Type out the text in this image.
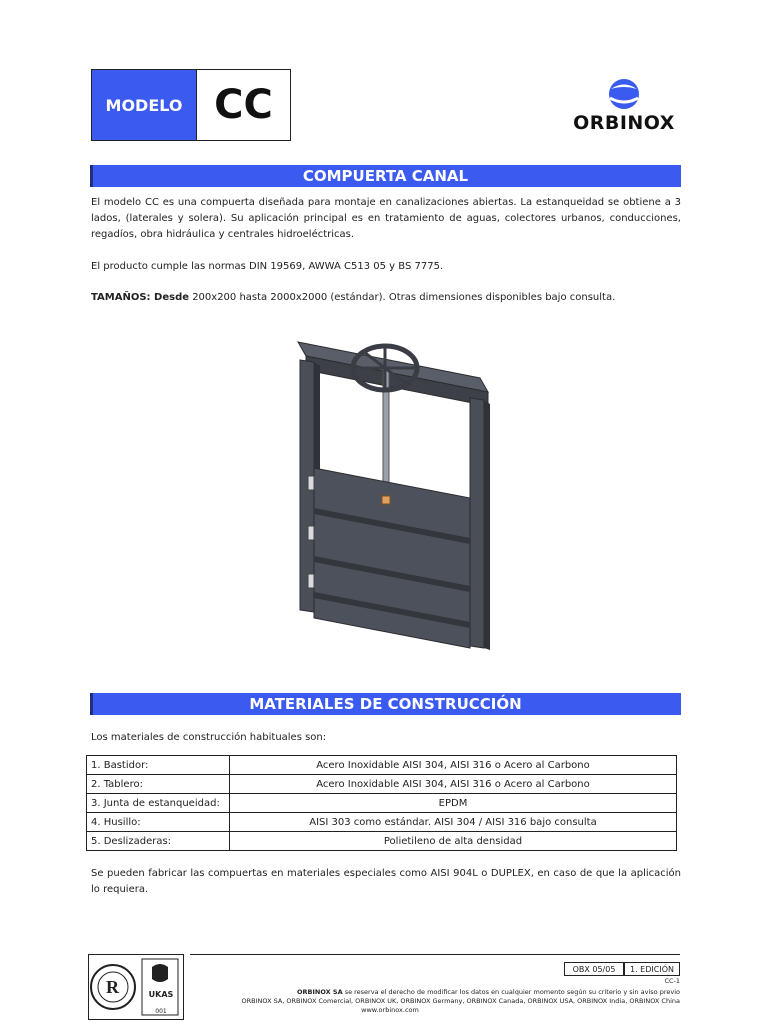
MODELO CC	ORBINOX
COMPUERTA CANAL
El modelo CC es una compuerta diseñada para montaje en canalizaciones abiertas. La estanqueidad se obtiene a 3 lados, (laterales y solera). Su aplicación principal es en tratamiento de aguas, colectores urbanos, conducciones, regadíos, obra hidráulica y centrales hidroeléctricas.
El producto cumple las normas DIN 19569, AWWA C513 05 y BS 7775.
TAMAÑOS: Desde 200x200 hasta 2000x2000 (estándar). Otras dimensiones disponibles bajo consulta.
MATERIALES DE CONSTRUCCIÓN
Los materiales de construcción habituales son:
1. Bastidor:	Acero Inoxidable AISI 304, AISI 316 o Acero al Carbono
2. Tablero:	Acero Inoxidable AISI 304, AISI 316 o Acero al Carbono
3. Junta de estanqueidad:	EPDM
4. Husillo:	AISI 303 como estándar. AISI 304 / AISI 316 bajo consulta
5. Deslizaderas:	Polietileno de alta densidad
Se pueden fabricar las compuertas en materiales especiales como AISI 904L o DUPLEX, en caso de que la aplicación lo requiera.
R	UKAS
001
OBX 05/05	1. EDICIÓN
CC-1
ORBINOX SA se reserva el derecho de modificar los datos en cualquier momento según su criterio y sin aviso previo
ORBINOX SA, ORBINOX Comercial, ORBINOX UK, ORBINOX Germany, ORBINOX Canada, ORBINOX USA, ORBINOX India, ORBINOX China
www.orbinox.com
